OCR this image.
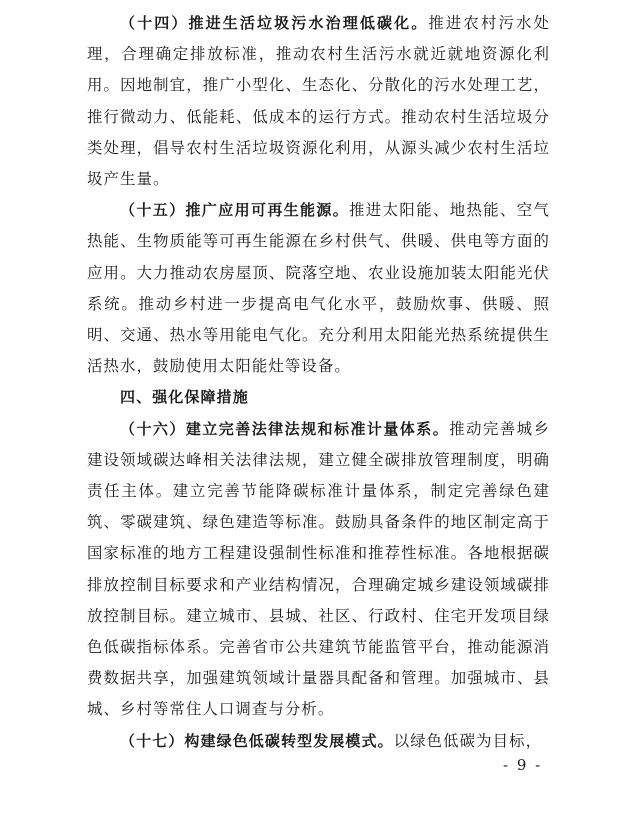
（十四）推进生活垃圾污水治理低碳化。推进农村污水处理，合理确定排放标准，推动农村生活污水就近就地资源化利用。因地制宜，推广小型化、生态化、分散化的污水处理工艺，推行微动力、低能耗、低成本的运行方式。推动农村生活垃圾分类处理，倡导农村生活垃圾资源化利用，从源头减少农村生活垃圾产生量。

（十五）推广应用可再生能源。推进太阳能、地热能、空气热能、生物质能等可再生能源在乡村供气、供暖、供电等方面的应用。大力推动农房屋顶、院落空地、农业设施加装太阳能光伏系统。推动乡村进一步提高电气化水平，鼓励炊事、供暖、照明、交通、热水等用能电气化。充分利用太阳能光热系统提供生活热水，鼓励使用太阳能灶等设备。

四、强化保障措施

（十六）建立完善法律法规和标准计量体系。推动完善城乡建设领域碳达峰相关法律法规，建立健全碳排放管理制度，明确责任主体。建立完善节能降碳标准计量体系，制定完善绿色建筑、零碳建筑、绿色建造等标准。鼓励具备条件的地区制定高于国家标准的地方工程建设强制性标准和推荐性标准。各地根据碳排放控制目标要求和产业结构情况，合理确定城乡建设领域碳排放控制目标。建立城市、县城、社区、行政村、住宅开发项目绿色低碳指标体系。完善省市公共建筑节能监管平台，推动能源消费数据共享，加强建筑领域计量器具配备和管理。加强城市、县城、乡村等常住人口调查与分析。

（十七）构建绿色低碳转型发展模式。以绿色低碳为目标，

- 9 -
